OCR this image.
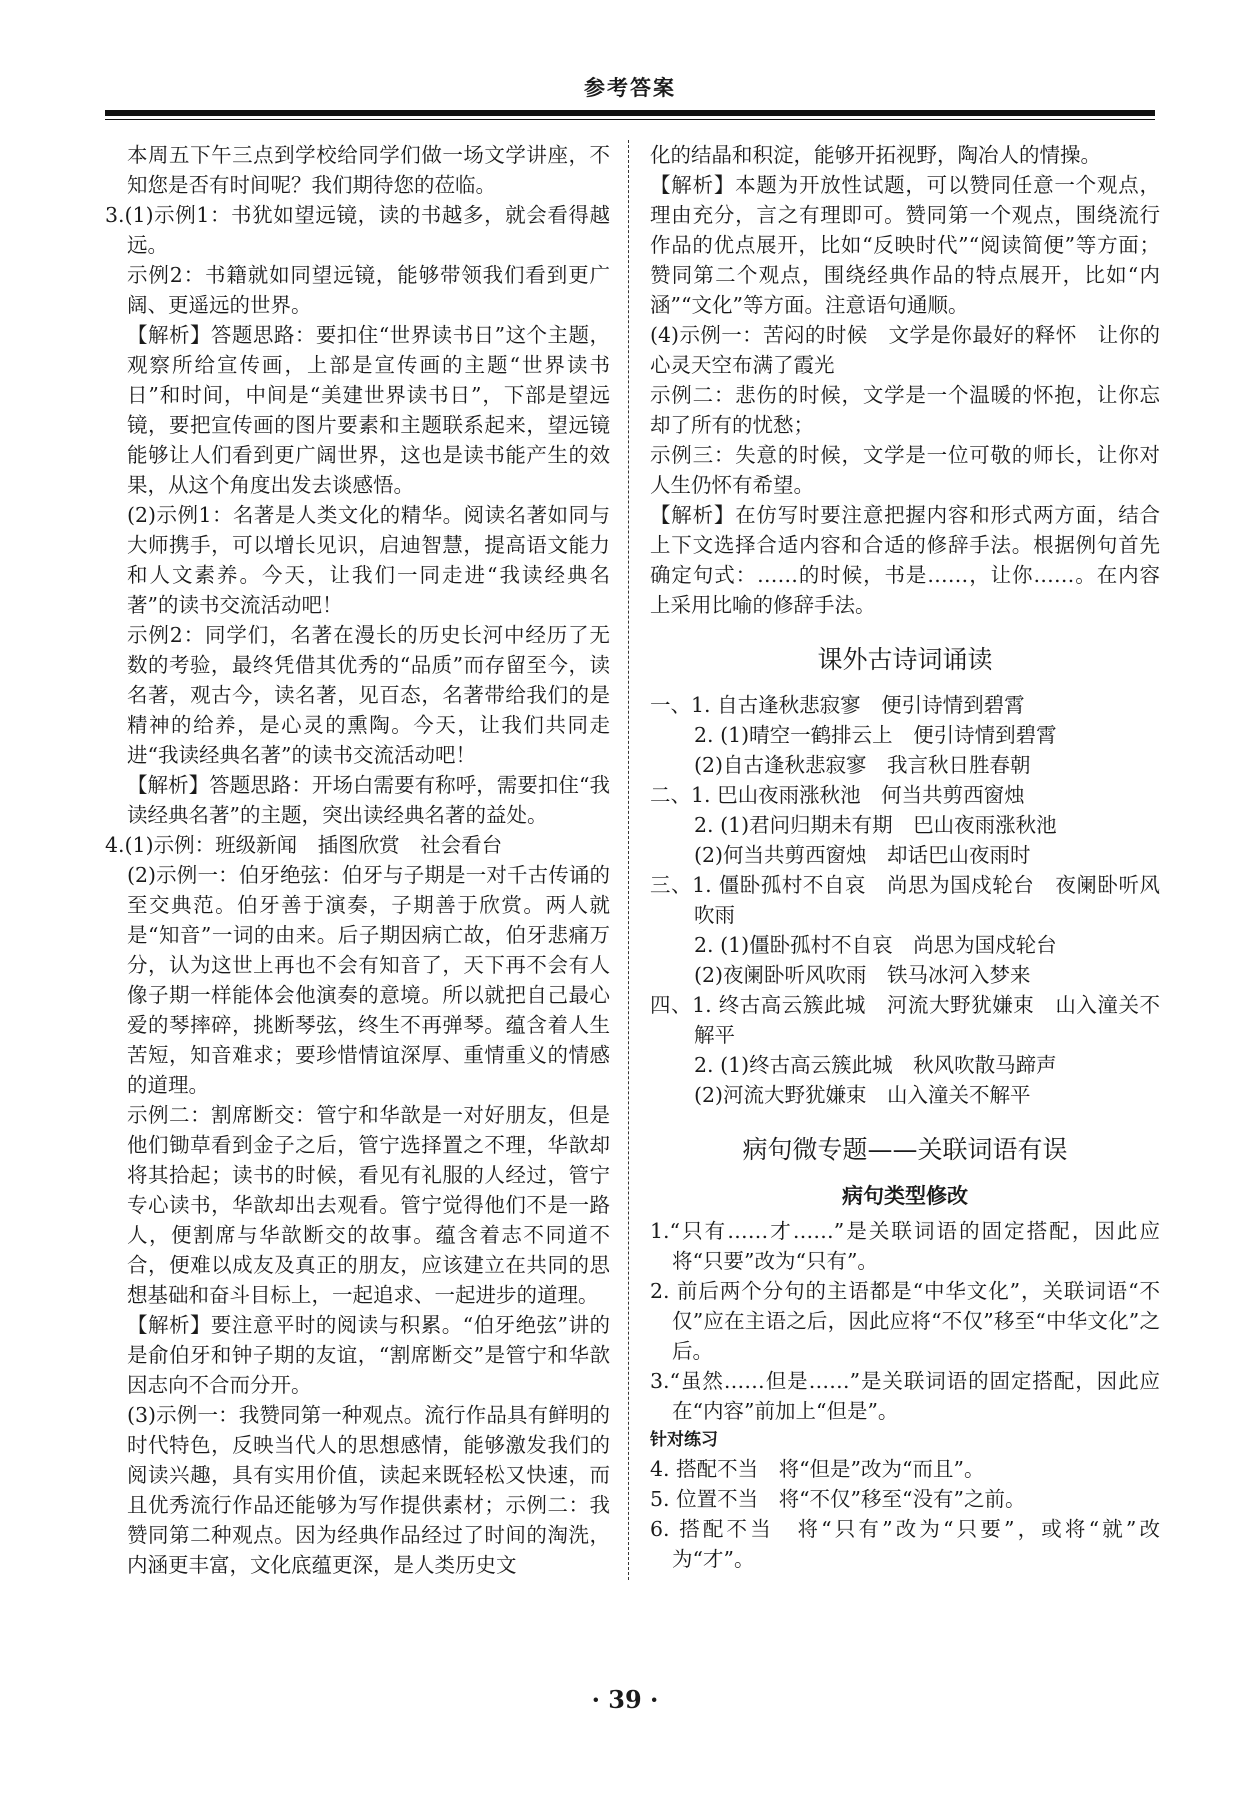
参考答案

本周五下午三点到学校给同学们做一场文学讲座，不知您是否有时间呢？我们期待您的莅临。

3.(1)示例1：书犹如望远镜，读的书越多，就会看得越远。

示例2：书籍就如同望远镜，能够带领我们看到更广阔、更遥远的世界。

【解析】答题思路：要扣住“世界读书日”这个主题，观察所给宣传画，上部是宣传画的主题“世界读书日”和时间，中间是“美建世界读书日”，下部是望远镜，要把宣传画的图片要素和主题联系起来，望远镜能够让人们看到更广阔世界，这也是读书能产生的效果，从这个角度出发去谈感悟。

(2)示例1：名著是人类文化的精华。阅读名著如同与大师携手，可以增长见识，启迪智慧，提高语文能力和人文素养。今天，让我们一同走进“我读经典名著”的读书交流活动吧！

示例2：同学们，名著在漫长的历史长河中经历了无数的考验，最终凭借其优秀的“品质”而存留至今，读名著，观古今，读名著，见百态，名著带给我们的是精神的给养，是心灵的熏陶。今天，让我们共同走进“我读经典名著”的读书交流活动吧！

【解析】答题思路：开场白需要有称呼，需要扣住“我读经典名著”的主题，突出读经典名著的益处。

4.(1)示例：班级新闻　插图欣赏　社会看台

(2)示例一：伯牙绝弦：伯牙与子期是一对千古传诵的至交典范。伯牙善于演奏，子期善于欣赏。两人就是“知音”一词的由来。后子期因病亡故，伯牙悲痛万分，认为这世上再也不会有知音了，天下再不会有人像子期一样能体会他演奏的意境。所以就把自己最心爱的琴摔碎，挑断琴弦，终生不再弹琴。蕴含着人生苦短，知音难求；要珍惜情谊深厚、重情重义的情感的道理。

示例二：割席断交：管宁和华歆是一对好朋友，但是他们锄草看到金子之后，管宁选择置之不理，华歆却将其拾起；读书的时候，看见有礼服的人经过，管宁专心读书，华歆却出去观看。管宁觉得他们不是一路人，便割席与华歆断交的故事。蕴含着志不同道不合，便难以成友及真正的朋友，应该建立在共同的思想基础和奋斗目标上，一起追求、一起进步的道理。

【解析】要注意平时的阅读与积累。“伯牙绝弦”讲的是俞伯牙和钟子期的友谊，“割席断交”是管宁和华歆因志向不合而分开。

(3)示例一：我赞同第一种观点。流行作品具有鲜明的时代特色，反映当代人的思想感情，能够激发我们的阅读兴趣，具有实用价值，读起来既轻松又快速，而且优秀流行作品还能够为写作提供素材；示例二：我赞同第二种观点。因为经典作品经过了时间的淘洗，内涵更丰富，文化底蕴更深，是人类历史文

化的结晶和积淀，能够开拓视野，陶冶人的情操。

【解析】本题为开放性试题，可以赞同任意一个观点，理由充分，言之有理即可。赞同第一个观点，围绕流行作品的优点展开，比如“反映时代”“阅读简便”等方面；赞同第二个观点，围绕经典作品的特点展开，比如“内涵”“文化”等方面。注意语句通顺。

(4)示例一：苦闷的时候　文学是你最好的释怀　让你的心灵天空布满了霞光

示例二：悲伤的时候，文学是一个温暖的怀抱，让你忘却了所有的忧愁；

示例三：失意的时候，文学是一位可敬的师长，让你对人生仍怀有希望。

【解析】在仿写时要注意把握内容和形式两方面，结合上下文选择合适内容和合适的修辞手法。根据例句首先确定句式：……的时候，书是……，让你……。在内容上采用比喻的修辞手法。

课外古诗词诵读

一、1. 自古逢秋悲寂寥　便引诗情到碧霄

2. (1)晴空一鹤排云上　便引诗情到碧霄

(2)自古逢秋悲寂寥　我言秋日胜春朝

二、1. 巴山夜雨涨秋池　何当共剪西窗烛

2. (1)君问归期未有期　巴山夜雨涨秋池

(2)何当共剪西窗烛　却话巴山夜雨时

三、1. 僵卧孤村不自哀　尚思为国戍轮台　夜阑卧听风吹雨

2. (1)僵卧孤村不自哀　尚思为国戍轮台

(2)夜阑卧听风吹雨　铁马冰河入梦来

四、1. 终古高云簇此城　河流大野犹嫌束　山入潼关不解平

2. (1)终古高云簇此城　秋风吹散马蹄声

(2)河流大野犹嫌束　山入潼关不解平

病句微专题——关联词语有误
病句类型修改

1.“只有……才……”是关联词语的固定搭配，因此应将“只要”改为“只有”。

2. 前后两个分句的主语都是“中华文化”，关联词语“不仅”应在主语之后，因此应将“不仅”移至“中华文化”之后。

3.“虽然……但是……”是关联词语的固定搭配，因此应在“内容”前加上“但是”。

针对练习

4. 搭配不当　将“但是”改为“而且”。

5. 位置不当　将“不仅”移至“没有”之前。

6. 搭配不当　将“只有”改为“只要”，或将“就”改为“才”。

· 39 ·
